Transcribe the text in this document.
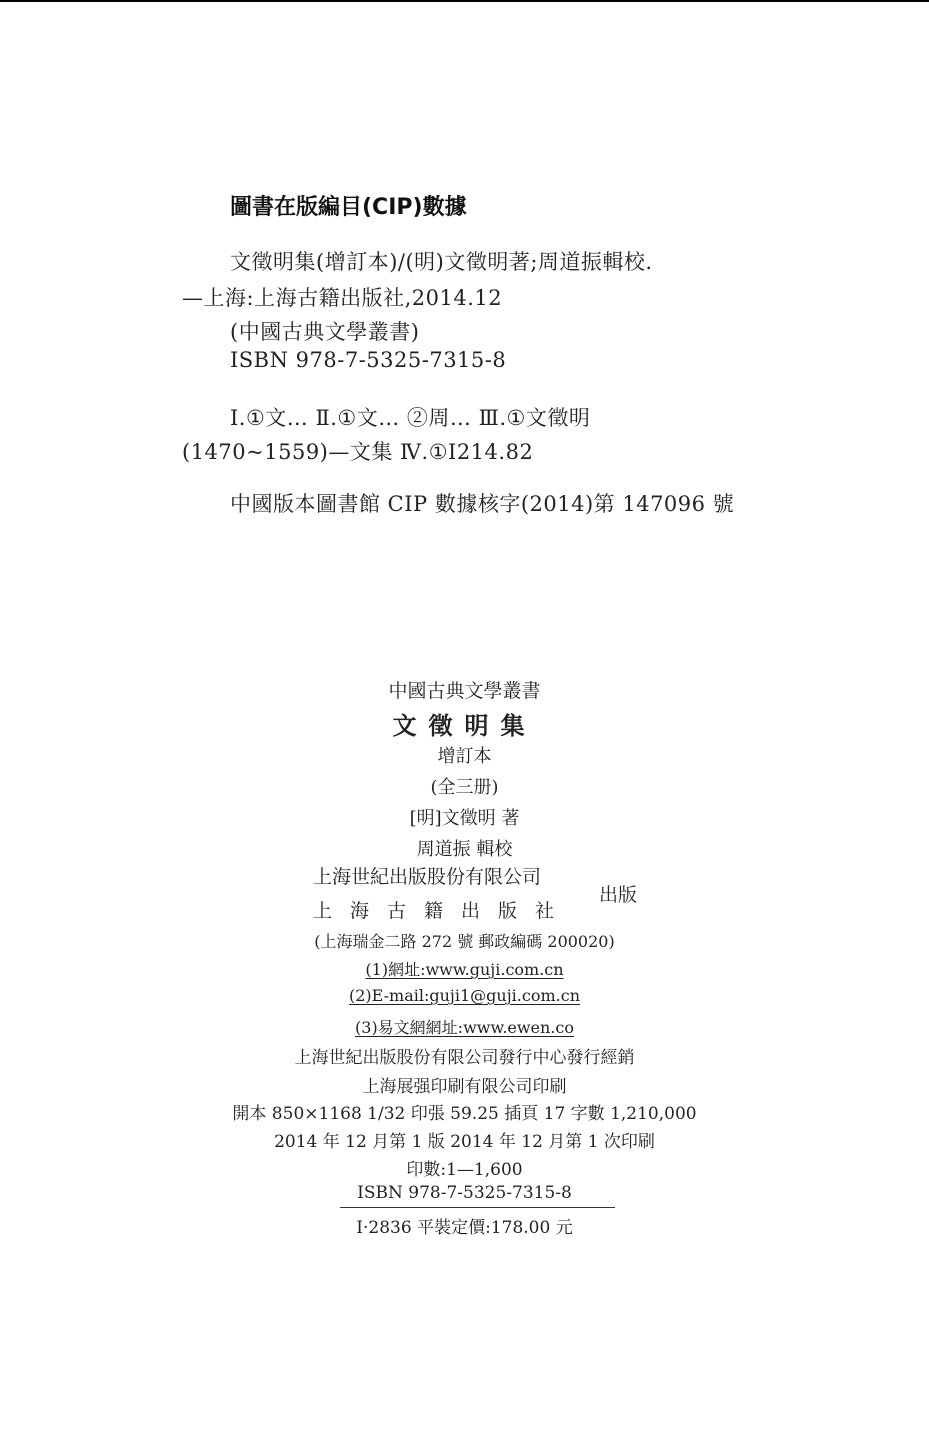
圖書在版編目(CIP)數據
文徵明集(增訂本)/(明)文徵明著;周道振輯校.
—上海:上海古籍出版社,2014.12
(中國古典文學叢書)
ISBN 978-7-5325-7315-8
Ⅰ.①文… Ⅱ.①文… ②周… Ⅲ.①文徵明
(1470~1559)—文集 Ⅳ.①I214.82
中國版本圖書館 CIP 數據核字(2014)第 147096 號
中國古典文學叢書
文徵明集
增訂本
(全三册)
[明]文徵明 著
周道振 輯校
上海世紀出版股份有限公司
上海古籍出版社
出版
(上海瑞金二路 272 號 郵政編碼 200020)
(1)網址:www.guji.com.cn
(2)E-mail:guji1@guji.com.cn
(3)易文網網址:www.ewen.co
上海世紀出版股份有限公司發行中心發行經銷
上海展强印刷有限公司印刷
開本 850×1168 1/32 印張 59.25 插頁 17 字數 1,210,000
2014 年 12 月第 1 版 2014 年 12 月第 1 次印刷
印數:1—1,600
ISBN 978-7-5325-7315-8
I·2836 平裝定價:178.00 元
